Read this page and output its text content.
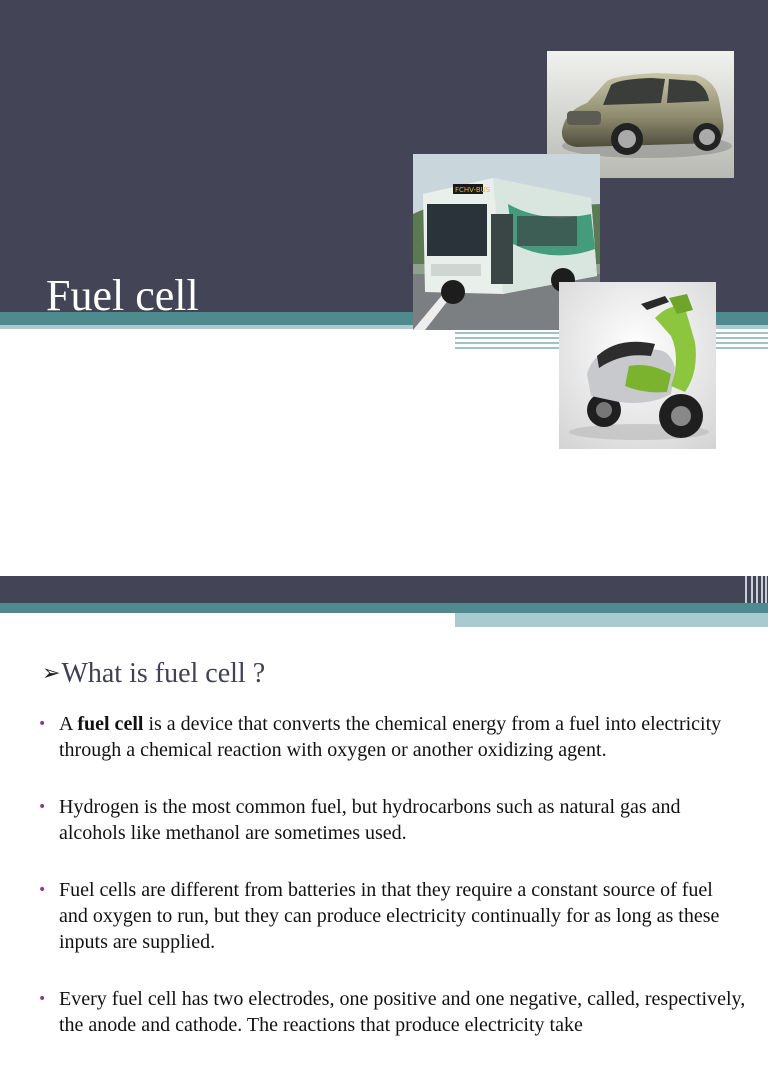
Fuel cell
FCHV-BUS
➢What is fuel cell ?
• A fuel cell is a device that converts the chemical energy from a fuel into electricity through a chemical reaction with oxygen or another oxidizing agent.
• Hydrogen is the most common fuel, but hydrocarbons such as natural gas and alcohols like methanol are sometimes used.
• Fuel cells are different from batteries in that they require a constant source of fuel and oxygen to run, but they can produce electricity continually for as long as these inputs are supplied.
• Every fuel cell has two electrodes, one positive and one negative, called, respectively, the anode and cathode. The reactions that produce electricity take
